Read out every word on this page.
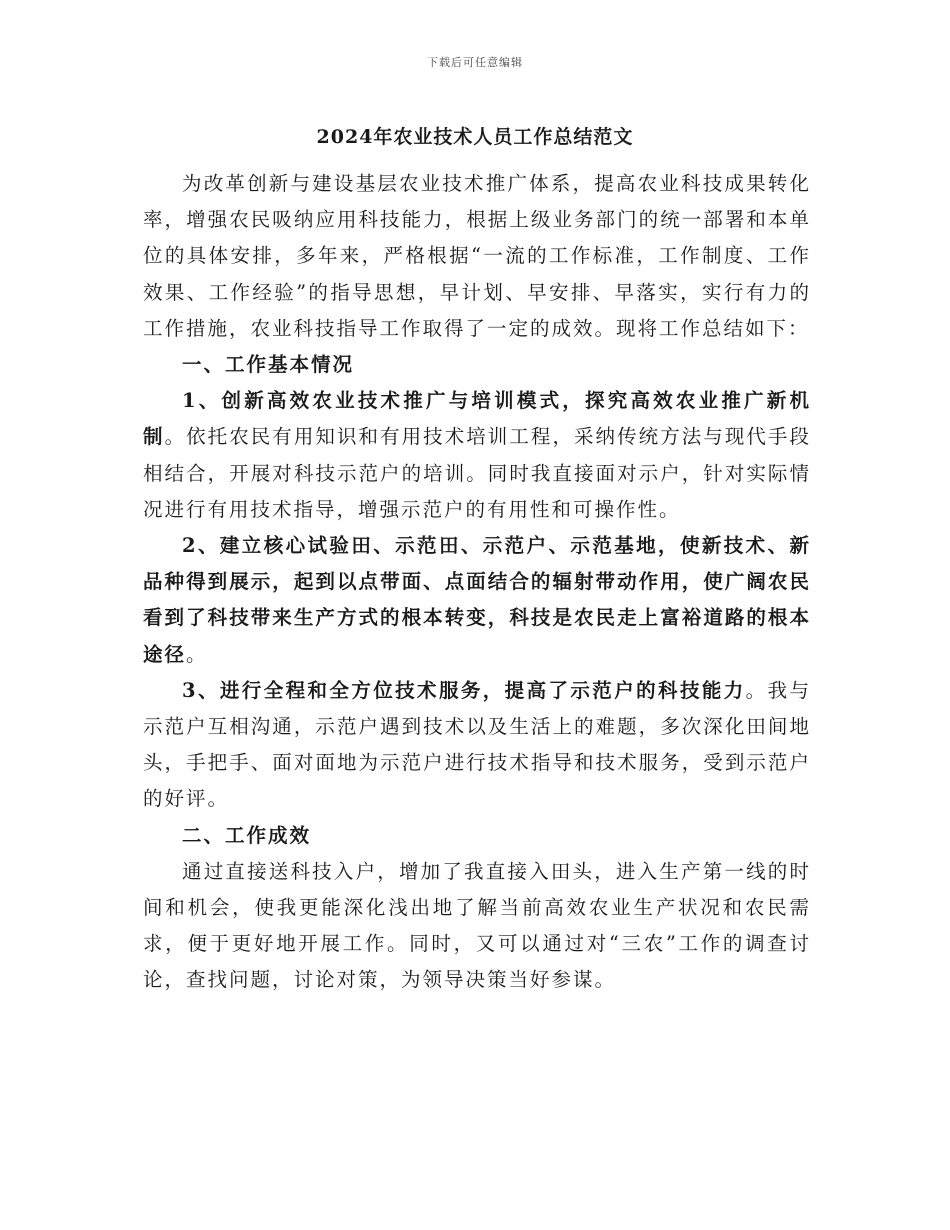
下载后可任意编辑
2024年农业技术人员工作总结范文

为改革创新与建设基层农业技术推广体系，提高农业科技成果转化率，增强农民吸纳应用科技能力，根据上级业务部门的统一部署和本单位的具体安排，多年来，严格根据“一流的工作标准，工作制度、工作效果、工作经验”的指导思想，早计划、早安排、早落实，实行有力的工作措施，农业科技指导工作取得了一定的成效。现将工作总结如下：

一、工作基本情况

1、创新高效农业技术推广与培训模式，探究高效农业推广新机制。依托农民有用知识和有用技术培训工程，采纳传统方法与现代手段相结合，开展对科技示范户的培训。同时我直接面对示户，针对实际情况进行有用技术指导，增强示范户的有用性和可操作性。

2、建立核心试验田、示范田、示范户、示范基地，使新技术、新品种得到展示，起到以点带面、点面结合的辐射带动作用，使广阔农民看到了科技带来生产方式的根本转变，科技是农民走上富裕道路的根本途径。

3、进行全程和全方位技术服务，提高了示范户的科技能力。我与示范户互相沟通，示范户遇到技术以及生活上的难题，多次深化田间地头，手把手、面对面地为示范户进行技术指导和技术服务，受到示范户的好评。

二、工作成效

通过直接送科技入户，增加了我直接入田头，进入生产第一线的时间和机会，使我更能深化浅出地了解当前高效农业生产状况和农民需求，便于更好地开展工作。同时，又可以通过对“三农”工作的调查讨论，查找问题，讨论对策，为领导决策当好参谋。
